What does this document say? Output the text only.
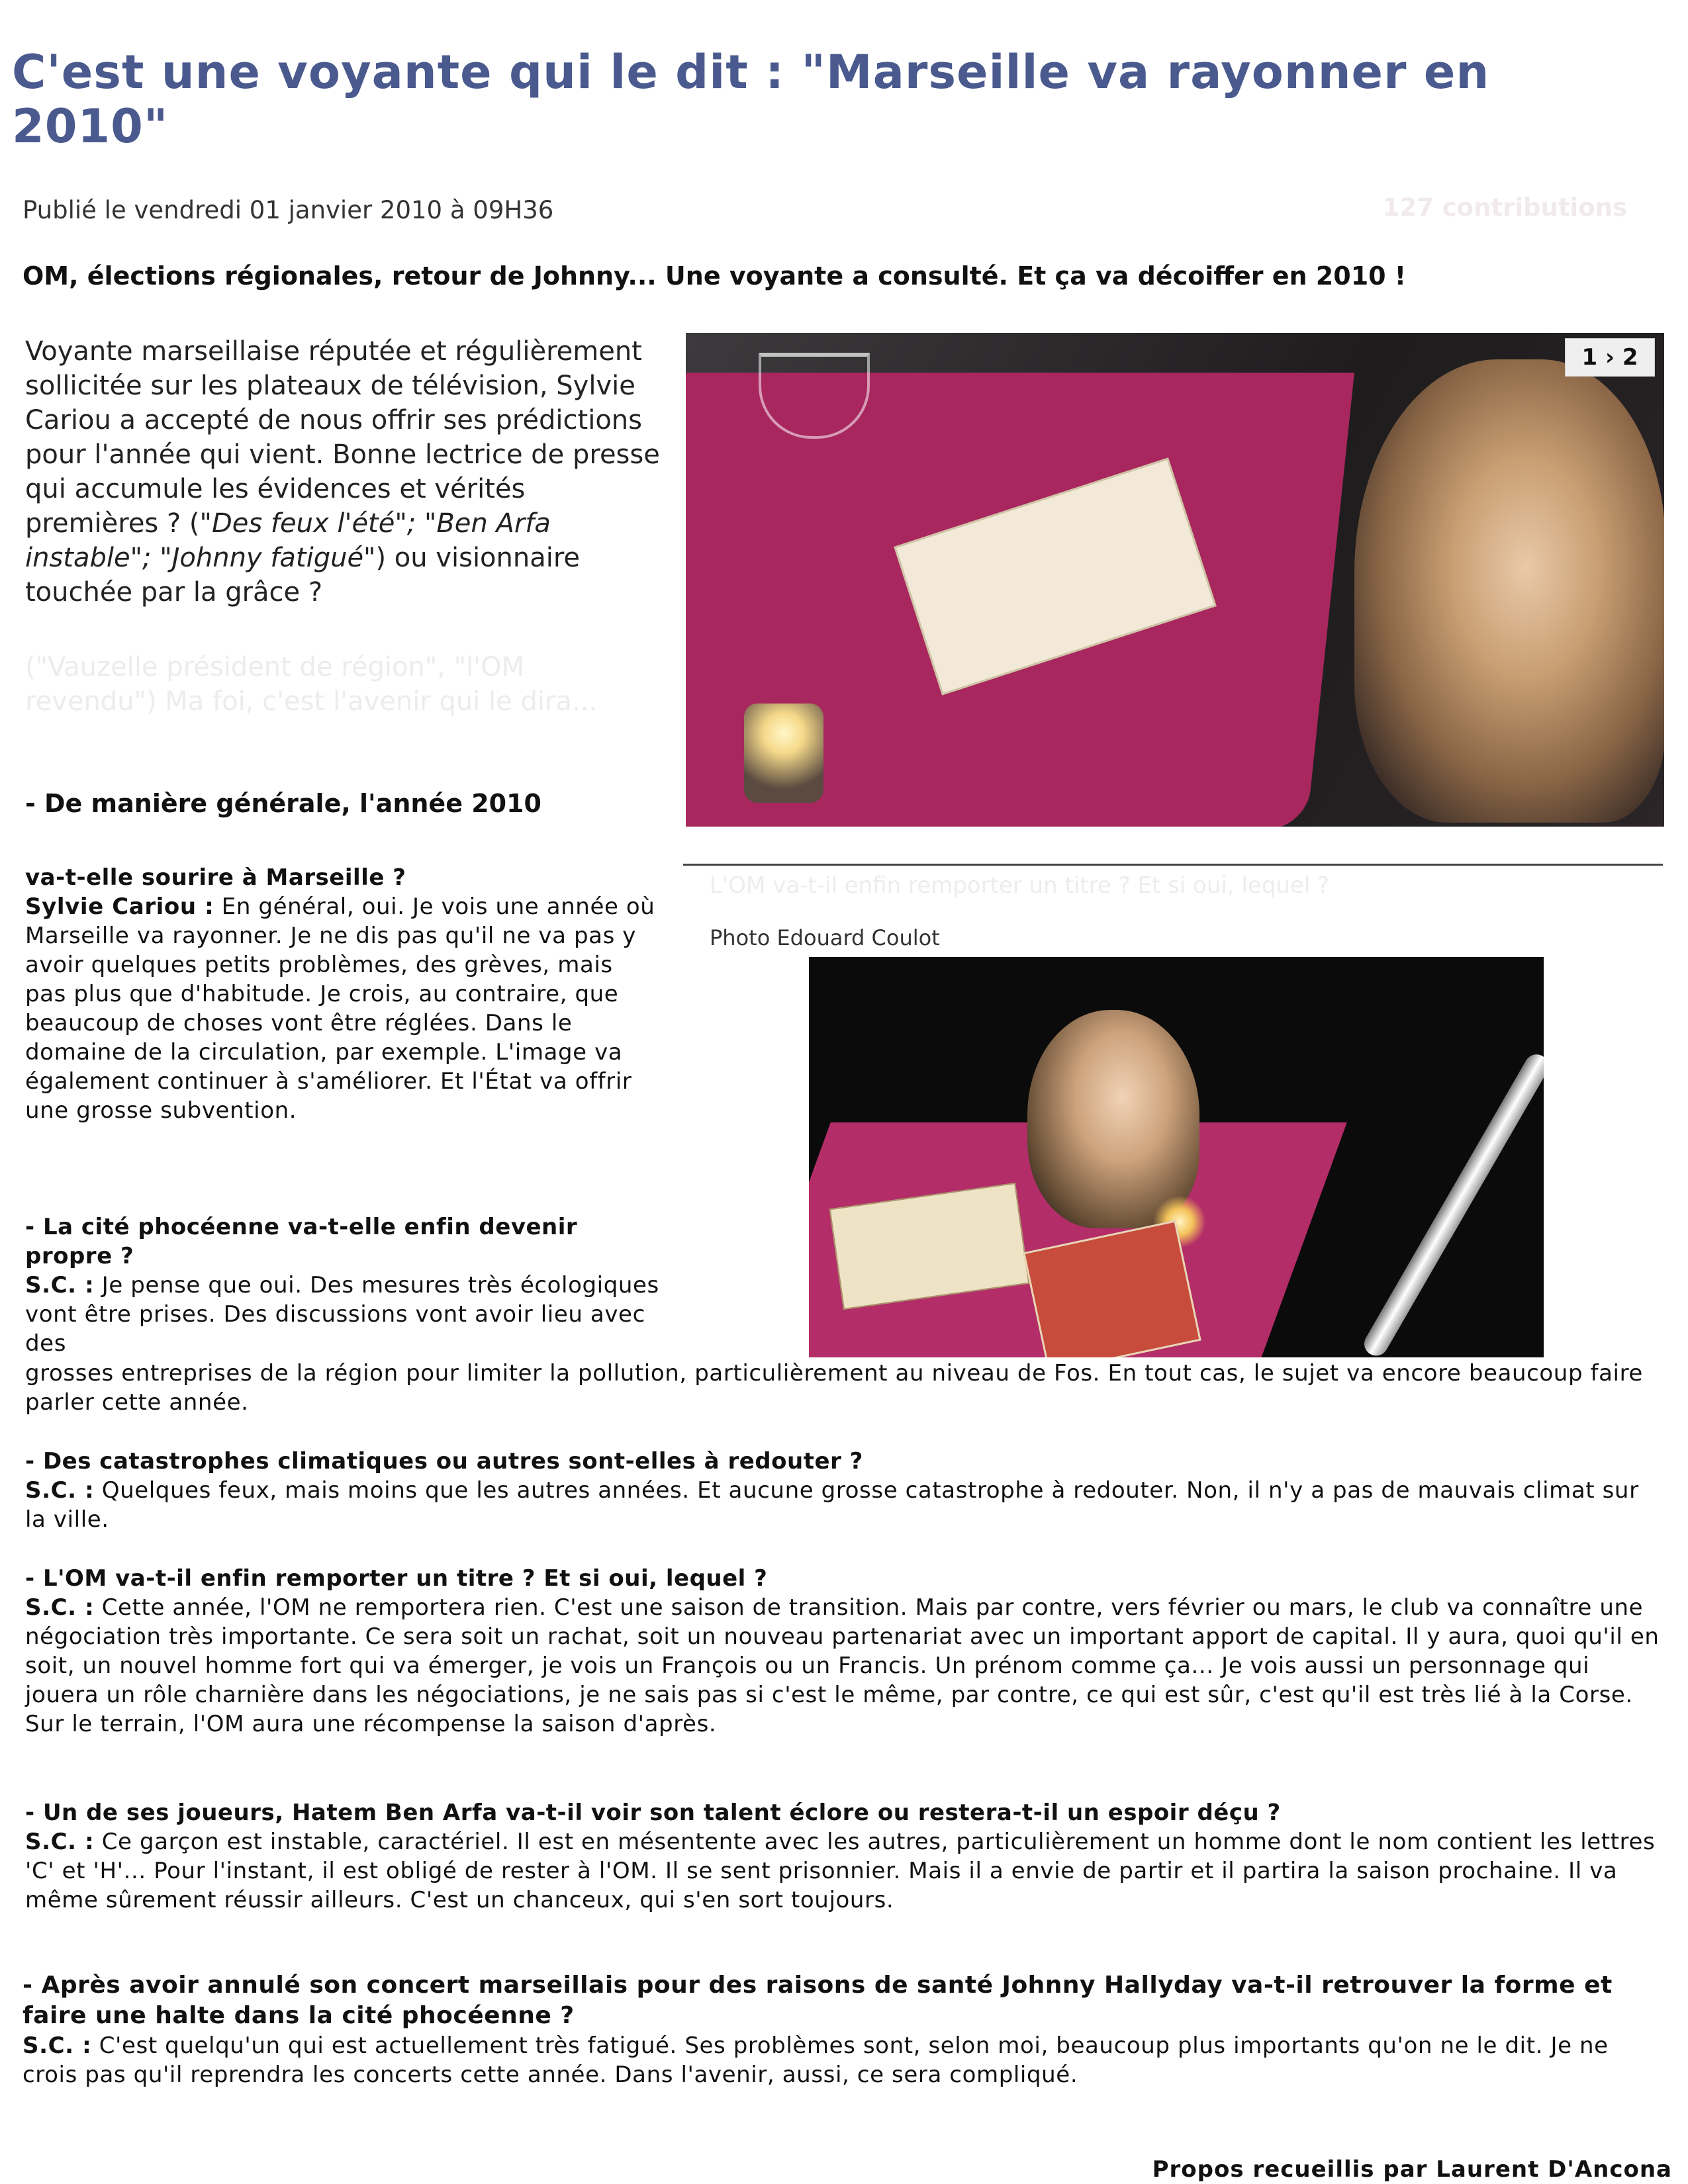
C'est une voyante qui le dit : "Marseille va rayonner en 2010"
Publié le vendredi 01 janvier 2010 à 09H36	127 contributions
OM, élections régionales, retour de Johnny... Une voyante a consulté. Et ça va décoiffer en 2010 !
Voyante marseillaise réputée et régulièrement sollicitée sur les plateaux de télévision, Sylvie Cariou a accepté de nous offrir ses prédictions pour l'année qui vient. Bonne lectrice de presse qui accumule les évidences et vérités premières ? ("Des feux l'été"; "Ben Arfa instable"; "Johnny fatigué") ou visionnaire touchée par la grâce ?
("Vauzelle président de région", "l'OM revendu") Ma foi, c'est l'avenir qui le dira...
- De manière générale, l'année 2010
1 › 2
L'OM va-t-il enfin remporter un titre ? Et si oui, lequel ?
Photo Edouard Coulot
va-t-elle sourire à Marseille ?
Sylvie Cariou : En général, oui. Je vois une année où Marseille va rayonner. Je ne dis pas qu'il ne va pas y avoir quelques petits problèmes, des grèves, mais pas plus que d'habitude. Je crois, au contraire, que beaucoup de choses vont être réglées. Dans le domaine de la circulation, par exemple. L'image va également continuer à s'améliorer. Et l'État va offrir une grosse subvention.
- La cité phocéenne va-t-elle enfin devenir propre ?
S.C. : Je pense que oui. Des mesures très écologiques vont être prises. Des discussions vont avoir lieu avec des
grosses entreprises de la région pour limiter la pollution, particulièrement au niveau de Fos. En tout cas, le sujet va encore beaucoup faire parler cette année.
- Des catastrophes climatiques ou autres sont-elles à redouter ?
S.C. : Quelques feux, mais moins que les autres années. Et aucune grosse catastrophe à redouter. Non, il n'y a pas de mauvais climat sur la ville.
- L'OM va-t-il enfin remporter un titre ? Et si oui, lequel ?
S.C. : Cette année, l'OM ne remportera rien. C'est une saison de transition. Mais par contre, vers février ou mars, le club va connaître une négociation très importante. Ce sera soit un rachat, soit un nouveau partenariat avec un important apport de capital. Il y aura, quoi qu'il en soit, un nouvel homme fort qui va émerger, je vois un François ou un Francis. Un prénom comme ça... Je vois aussi un personnage qui jouera un rôle charnière dans les négociations, je ne sais pas si c'est le même, par contre, ce qui est sûr, c'est qu'il est très lié à la Corse. Sur le terrain, l'OM aura une récompense la saison d'après.
- Un de ses joueurs, Hatem Ben Arfa va-t-il voir son talent éclore ou restera-t-il un espoir déçu ?
S.C. : Ce garçon est instable, caractériel. Il est en mésentente avec les autres, particulièrement un homme dont le nom contient les lettres 'C' et 'H'... Pour l'instant, il est obligé de rester à l'OM. Il se sent prisonnier. Mais il a envie de partir et il partira la saison prochaine. Il va même sûrement réussir ailleurs. C'est un chanceux, qui s'en sort toujours.
- Après avoir annulé son concert marseillais pour des raisons de santé Johnny Hallyday va-t-il retrouver la forme et faire une halte dans la cité phocéenne ?
S.C. : C'est quelqu'un qui est actuellement très fatigué. Ses problèmes sont, selon moi, beaucoup plus importants qu'on ne le dit. Je ne crois pas qu'il reprendra les concerts cette année. Dans l'avenir, aussi, ce sera compliqué.
Propos recueillis par Laurent D'Ancona
